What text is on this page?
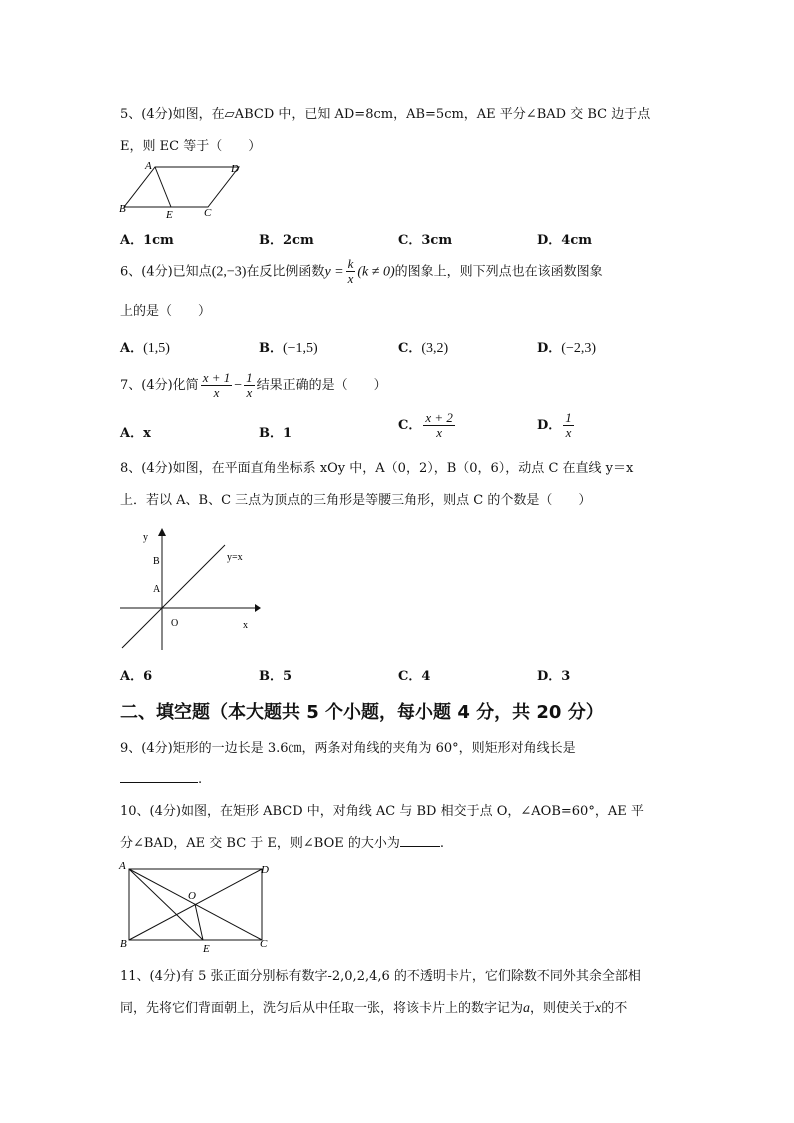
5、(4分)如图，在▱ABCD 中，已知 AD=8cm，AB=5cm，AE 平分∠BAD 交 BC 边于点
E，则 EC 等于（　　）
A	D
B	E	C
A．1cm	B．2cm	C．3cm	D．4cm
6、(4分)已知点(2,−3)在反比例函数$y = \frac{k}{x} (k \ne 0)$的图象上，则下列点也在该函数图象
上的是（　　）
A．(1,5)	B．(−1,5)	C．(3,2)	D．(−2,3)
7、(4分)化简 $\frac{x + 1}{x} - \frac{1}{x}$ 结果正确的是（　　）
A．x	B．1
C． $\frac{x + 2}{x}$	D． $\frac{1}{x}$
8、(4分)如图，在平面直角坐标系 xOy 中，A（0，2），B（0，6），动点 C 在直线 y＝x
上．若以 A、B、C 三点为顶点的三角形是等腰三角形，则点 C 的个数是（　　）
y
x
O
A
B	y=x
A．6	B．5	C．4	D．3
二、填空题（本大题共 5 个小题，每小题 4 分，共 20 分）
9、(4分)矩形的一边长是 3.6㎝，两条对角线的夹角为 60°，则矩形对角线长是
.
10、(4分)如图，在矩形 ABCD 中，对角线 AC 与 BD 相交于点 O，∠AOB=60°，AE 平
分∠BAD，AE 交 BC 于 E，则∠BOE 的大小为	.
A	D
B	E	C
O
11、(4分)有 5 张正面分别标有数字-2,0,2,4,6 的不透明卡片，它们除数不同外其余全部相
同，先将它们背面朝上，洗匀后从中任取一张，将该卡片上的数字记为a，则使关于x的不
